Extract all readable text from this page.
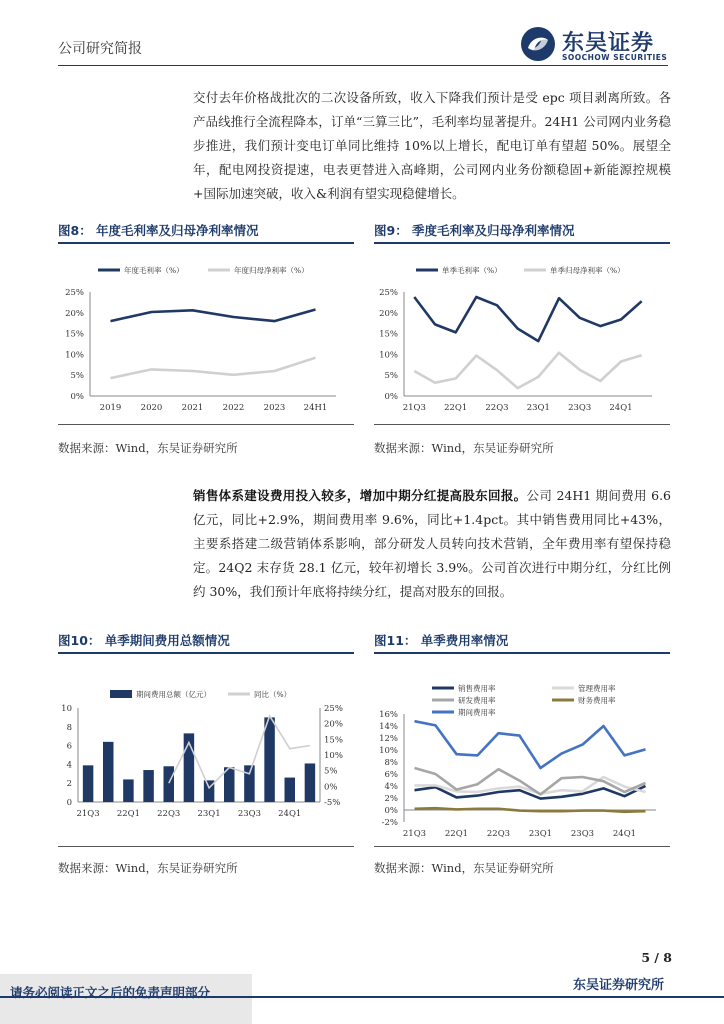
公司研究简报	东吴证券
SOOCHOW SECURITIES
交付去年价格战批次的二次设备所致，收入下降我们预计是受 epc 项目剥离所致。各产品线推行全流程降本，订单“三算三比”，毛利率均显著提升。24H1 公司网内业务稳步推进，我们预计变电订单同比维持 10%以上增长，配电订单有望超 50%。展望全年，配电网投资提速，电表更替进入高峰期，公司网内业务份额稳固+新能源控规模+国际加速突破，收入&利润有望实现稳健增长。
图8： 年度毛利率及归母净利率情况
年度毛利率（%）	年度归母净利率（%）
0%
5%
10%
15%
20%
25%
2019 2020 2021 2022 2023 24H1
数据来源：Wind，东吴证券研究所
图9： 季度毛利率及归母净利率情况
单季毛利率（%）	单季归母净利率（%）
0%
5%
10%
15%
20%
25%
21Q3 22Q1 22Q3 23Q1 23Q3 24Q1
数据来源：Wind，东吴证券研究所
销售体系建设费用投入较多，增加中期分红提高股东回报。公司 24H1 期间费用 6.6 亿元，同比+2.9%，期间费用率 9.6%，同比+1.4pct。其中销售费用同比+43%，主要系搭建二级营销体系影响，部分研发人员转向技术营销，全年费用率有望保持稳定。24Q2 末存货 28.1 亿元，较年初增长 3.9%。公司首次进行中期分红，分红比例约 30%，我们预计年底将持续分红，提高对股东的回报。
图10： 单季期间费用总额情况
期间费用总额（亿元）	同比（%）
0
2
4
6
8
10
-5%
0%
5%
10%
15%
20%
25%
21Q3 22Q1 22Q3 23Q1 23Q3 24Q1
数据来源：Wind，东吴证券研究所
图11： 单季费用率情况
销售费用率	管理费用率
研发费用率	财务费用率
期间费用率
-2%
0%
2%
4%
6%
8%
10%
12%
14%
16%
21Q3 22Q1 22Q3 23Q1 23Q3 24Q1
数据来源：Wind，东吴证券研究所
5 / 8
请务必阅读正文之后的免责声明部分	东吴证券研究所
